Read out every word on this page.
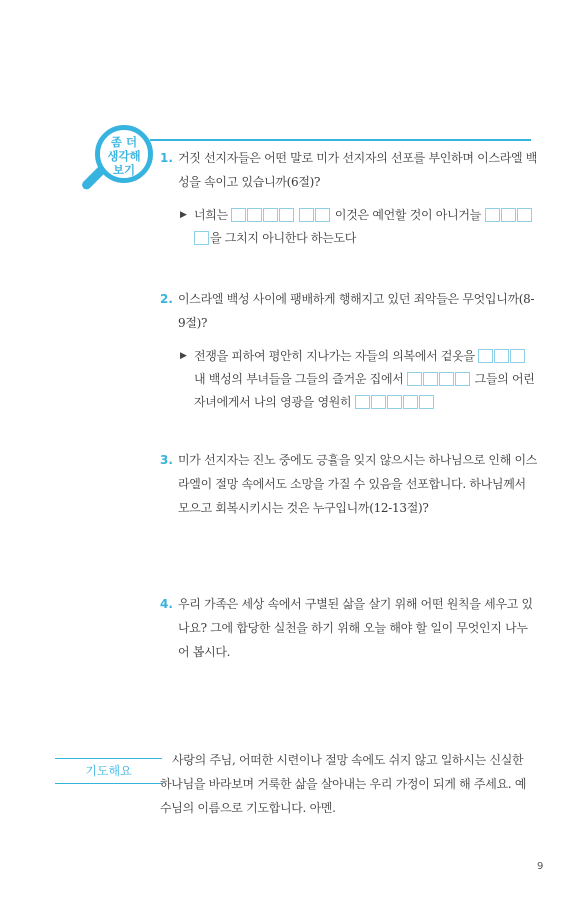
좀 더
생각해
보기
1. 거짓 선지자들은 어떤 말로 미가 선지자의 선포를 부인하며 이스라엘 백성을 속이고 있습니까(6절)?
▶ 너희는	이것은 예언할 것이 아니거늘
을 그치지 아니한다 하는도다
2. 이스라엘 백성 사이에 팽배하게 행해지고 있던 죄악들은 무엇입니까(8-9절)?
▶ 전쟁을 피하여 평안히 지나가는 자들의 의복에서 겉옷을
내 백성의 부녀들을 그들의 즐거운 집에서	그들의 어린 자녀에게서 나의 영광을 영원히
3. 미가 선지자는 진노 중에도 긍휼을 잊지 않으시는 하나님으로 인해 이스라엘이 절망 속에서도 소망을 가질 수 있음을 선포합니다. 하나님께서 모으고 회복시키시는 것은 누구입니까(12-13절)?
4. 우리 가족은 세상 속에서 구별된 삶을 살기 위해 어떤 원칙을 세우고 있나요? 그에 합당한 실천을 하기 위해 오늘 해야 할 일이 무엇인지 나누어 봅시다.
기도해요
사랑의 주님, 어떠한 시련이나 절망 속에도 쉬지 않고 일하시는 신실한 하나님을 바라보며 거룩한 삶을 살아내는 우리 가정이 되게 해 주세요. 예수님의 이름으로 기도합니다. 아멘.
9
